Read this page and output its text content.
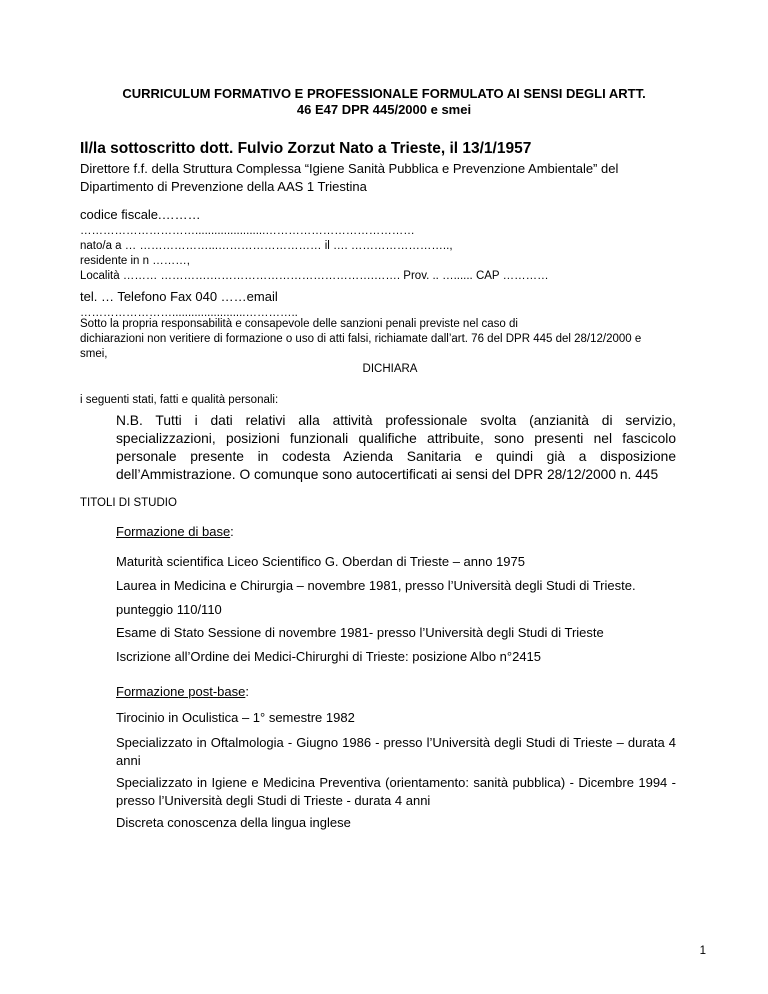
CURRICULUM FORMATIVO E PROFESSIONALE FORMULATO AI SENSI DEGLI ARTT.
46 E47 DPR 445/2000 e smei
Il/la sottoscritto dott. Fulvio Zorzut Nato a Trieste, il 13/1/1957
Direttore f.f. della Struttura Complessa “Igiene Sanità Pubblica e Prevenzione Ambientale” del
Dipartimento di Prevenzione della AAS 1 Triestina
codice fiscale.………
…………………………......................…………………………………
nato/a a … ………………...……………………… il …. ……………………..,
residente in n ………,
Località ……… ………….…………………………………….……. Prov. .. …...... CAP …………
tel. … Telefono Fax 040 ……email
…………………….......................…………..
Sotto la propria responsabilità e consapevole delle sanzioni penali previste nel caso di
dichiarazioni non veritiere di formazione o uso di atti falsi, richiamate dall’art. 76 del DPR 445 del 28/12/2000 e
smei,
DICHIARA
i seguenti stati, fatti e qualità personali:
N.B. Tutti i dati relativi alla attività professionale svolta (anzianità di servizio, specializzazioni, posizioni funzionali qualifiche attribuite, sono presenti nel fascicolo personale presente in codesta Azienda Sanitaria e quindi già a disposizione dell’Ammistrazione. O comunque sono autocertificati ai sensi del DPR 28/12/2000 n. 445
TITOLI DI STUDIO
Formazione di base:
Maturità scientifica Liceo Scientifico G. Oberdan di Trieste – anno 1975
Laurea in Medicina e Chirurgia – novembre 1981, presso l’Università degli Studi di Trieste.
punteggio 110/110
Esame di Stato Sessione di novembre 1981- presso l’Università degli Studi di Trieste
Iscrizione all’Ordine dei Medici-Chirurghi di Trieste: posizione Albo n°2415
Formazione post-base:
Tirocinio in Oculistica – 1° semestre 1982
Specializzato in Oftalmologia - Giugno 1986 - presso l’Università degli Studi di Trieste – durata 4 anni
Specializzato in Igiene e Medicina Preventiva (orientamento: sanità pubblica) - Dicembre 1994 - presso l’Università degli Studi di Trieste - durata 4 anni
Discreta conoscenza della lingua inglese
1
